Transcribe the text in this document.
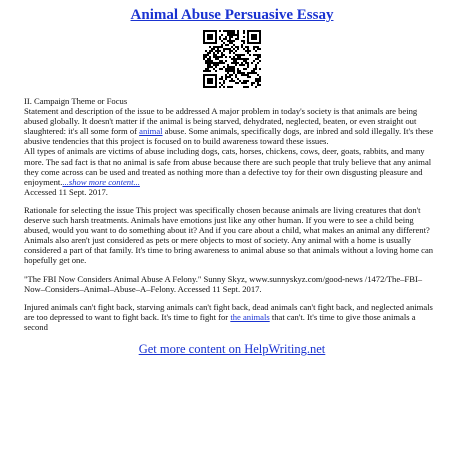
Animal Abuse Persuasive Essay

II. Campaign Theme or Focus
Statement and description of the issue to be addressed A major problem in today's society is that animals are being abused globally. It doesn't matter if the animal is being starved, dehydrated, neglected, beaten, or even straight out slaughtered: it's all some form of animal abuse. Some animals, specifically dogs, are inbred and sold illegally. It's these abusive tendencies that this project is focused on to build awareness toward these issues.
All types of animals are victims of abuse including dogs, cats, horses, chickens, cows, deer, goats, rabbits, and many more. The sad fact is that no animal is safe from abuse because there are such people that truly believe that any animal they come across can be used and treated as nothing more than a defective toy for their own disgusting pleasure and enjoyment....show more content...
Accessed 11 Sept. 2017.

Rationale for selecting the issue This project was specifically chosen because animals are living creatures that don't deserve such harsh treatments. Animals have emotions just like any other human. If you were to see a child being abused, would you want to do something about it? And if you care about a child, what makes an animal any different? Animals also aren't just considered as pets or mere objects to most of society. Any animal with a home is usually considered a part of that family. It's time to bring awareness to animal abuse so that animals without a loving home can hopefully get one.

"The FBI Now Considers Animal Abuse A Felony." Sunny Skyz, www.sunnyskyz.com/good-news /1472/The–FBI–Now–Considers–Animal–Abuse–A–Felony. Accessed 11 Sept. 2017.

Injured animals can't fight back, starving animals can't fight back, dead animals can't fight back, and neglected animals are too depressed to want to fight back. It's time to fight for the animals that can't. It's time to give those animals a second

Get more content on HelpWriting.net
